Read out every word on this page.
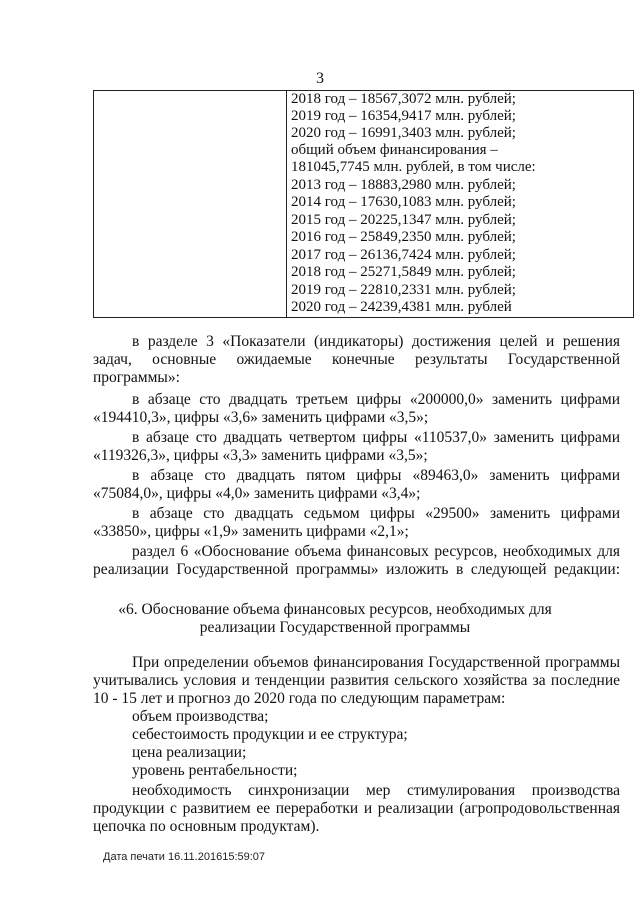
3
2018 год – 18567,3072 млн. рублей;
2019 год – 16354,9417 млн. рублей;
2020 год – 16991,3403 млн. рублей;
общий объем финансирования –
181045,7745 млн. рублей, в том числе:
2013 год – 18883,2980 млн. рублей;
2014 год – 17630,1083 млн. рублей;
2015 год – 20225,1347 млн. рублей;
2016 год – 25849,2350 млн. рублей;
2017 год – 26136,7424 млн. рублей;
2018 год – 25271,5849 млн. рублей;
2019 год – 22810,2331 млн. рублей;
2020 год – 24239,4381 млн. рублей
в разделе 3 «Показатели (индикаторы) достижения целей и решения
задач, основные ожидаемые конечные результаты Государственной
программы»:
в абзаце сто двадцать третьем цифры «200000,0» заменить цифрами
«194410,3», цифры «3,6» заменить цифрами «3,5»;
в абзаце сто двадцать четвертом цифры «110537,0» заменить цифрами
«119326,3», цифры «3,3» заменить цифрами «3,5»;
в абзаце сто двадцать пятом цифры «89463,0» заменить цифрами
«75084,0», цифры «4,0» заменить цифрами «3,4»;
в абзаце сто двадцать седьмом цифры «29500» заменить цифрами
«33850», цифры «1,9» заменить цифрами «2,1»;
раздел 6 «Обоснование объема финансовых ресурсов, необходимых для
реализации Государственной программы» изложить в следующей редакции:
«6. Обоснование объема финансовых ресурсов, необходимых для
реализации Государственной программы
При определении объемов финансирования Государственной программы
учитывались условия и тенденции развития сельского хозяйства за последние
10 - 15 лет и прогноз до 2020 года по следующим параметрам:
объем производства;
себестоимость продукции и ее структура;
цена реализации;
уровень рентабельности;
необходимость синхронизации мер стимулирования производства
продукции с развитием ее переработки и реализации (агропродовольственная
цепочка по основным продуктам).
Дата печати 16.11.201615:59:07
